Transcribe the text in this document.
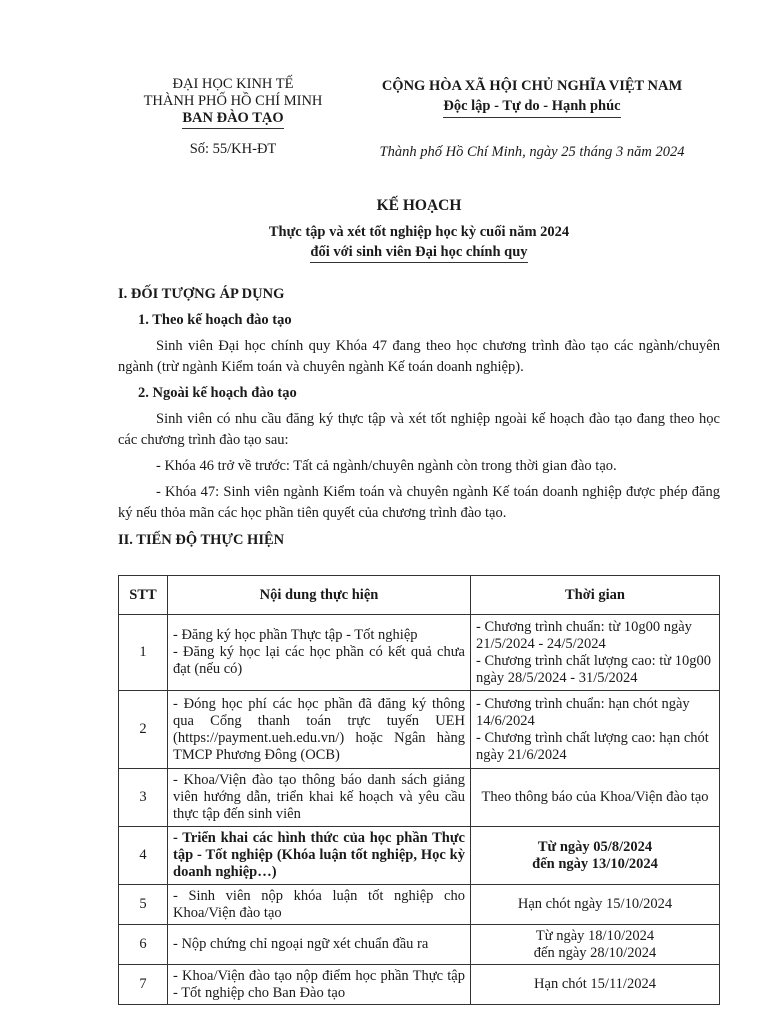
ĐẠI HỌC KINH TẾ
THÀNH PHỐ HỒ CHÍ MINH
BAN ĐÀO TẠO
Số: 55/KH-ĐT
CỘNG HÒA XÃ HỘI CHỦ NGHĨA VIỆT NAM
Độc lập - Tự do - Hạnh phúc
Thành phố Hồ Chí Minh, ngày 25 tháng 3 năm 2024
KẾ HOẠCH
Thực tập và xét tốt nghiệp học kỳ cuối năm 2024
đối với sinh viên Đại học chính quy

I. ĐỐI TƯỢNG ÁP DỤNG

1. Theo kế hoạch đào tạo

Sinh viên Đại học chính quy Khóa 47 đang theo học chương trình đào tạo các ngành/chuyên ngành (trừ ngành Kiểm toán và chuyên ngành Kế toán doanh nghiệp).

2. Ngoài kế hoạch đào tạo

Sinh viên có nhu cầu đăng ký thực tập và xét tốt nghiệp ngoài kế hoạch đào tạo đang theo học các chương trình đào tạo sau:

- Khóa 46 trở về trước: Tất cả ngành/chuyên ngành còn trong thời gian đào tạo.

- Khóa 47: Sinh viên ngành Kiểm toán và chuyên ngành Kế toán doanh nghiệp được phép đăng ký nếu thỏa mãn các học phần tiên quyết của chương trình đào tạo.

II. TIẾN ĐỘ THỰC HIỆN

STT	Nội dung thực hiện	Thời gian
1	- Đăng ký học phần Thực tập - Tốt nghiệp
- Đăng ký học lại các học phần có kết quả chưa đạt (nếu có)	- Chương trình chuẩn: từ 10g00 ngày 21/5/2024 - 24/5/2024
- Chương trình chất lượng cao: từ 10g00 ngày 28/5/2024 - 31/5/2024

2	- Đóng học phí các học phần đã đăng ký thông qua Cổng thanh toán trực tuyến UEH (https://payment.ueh.edu.vn/) hoặc Ngân hàng TMCP Phương Đông (OCB)	- Chương trình chuẩn: hạn chót ngày 14/6/2024
- Chương trình chất lượng cao: hạn chót ngày 21/6/2024

3	- Khoa/Viện đào tạo thông báo danh sách giảng viên hướng dẫn, triển khai kế hoạch và yêu cầu thực tập đến sinh viên	Theo thông báo của Khoa/Viện đào tạo

4	- Triển khai các hình thức của học phần Thực tập - Tốt nghiệp (Khóa luận tốt nghiệp, Học kỳ doanh nghiệp…)	Từ ngày 05/8/2024
đến ngày 13/10/2024

5	- Sinh viên nộp khóa luận tốt nghiệp cho Khoa/Viện đào tạo	Hạn chót ngày 15/10/2024

6	- Nộp chứng chỉ ngoại ngữ xét chuẩn đầu ra	Từ ngày 18/10/2024
đến ngày 28/10/2024

7	- Khoa/Viện đào tạo nộp điểm học phần Thực tập - Tốt nghiệp cho Ban Đào tạo	Hạn chót 15/11/2024
